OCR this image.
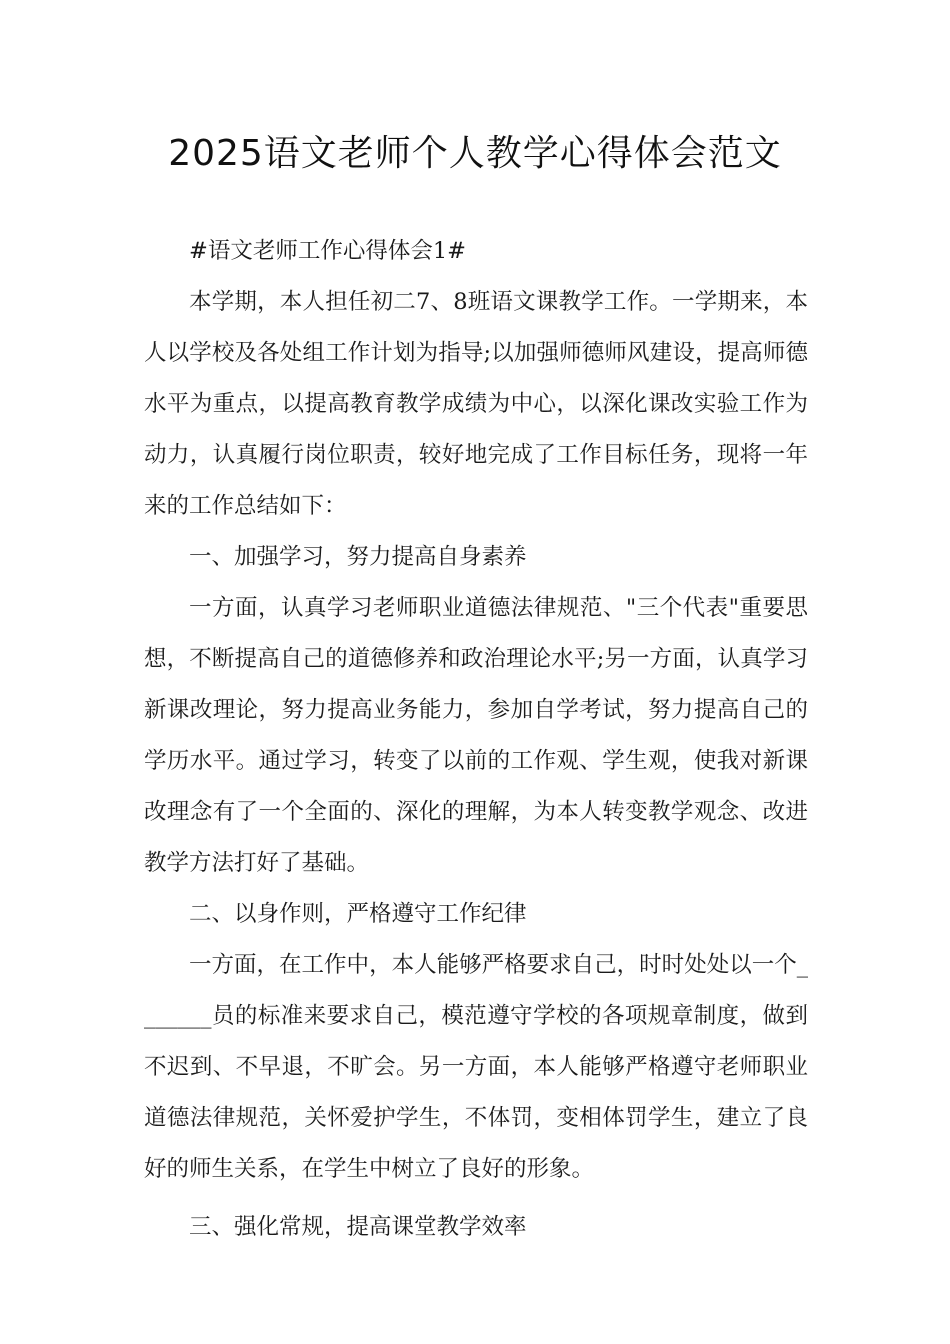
2025语文老师个人教学心得体会范文

#语文老师工作心得体会1#

本学期，本人担任初二7、8班语文课教学工作。一学期来，本人以学校及各处组工作计划为指导;以加强师德师风建设，提高师德水平为重点，以提高教育教学成绩为中心，以深化课改实验工作为动力，认真履行岗位职责，较好地完成了工作目标任务，现将一年来的工作总结如下：

一、加强学习，努力提高自身素养

一方面，认真学习老师职业道德法律规范、"三个代表"重要思想，不断提高自己的道德修养和政治理论水平;另一方面，认真学习新课改理论，努力提高业务能力，参加自学考试，努力提高自己的学历水平。通过学习，转变了以前的工作观、学生观，使我对新课改理念有了一个全面的、深化的理解，为本人转变教学观念、改进教学方法打好了基础。

二、以身作则，严格遵守工作纪律

一方面，在工作中，本人能够严格要求自己，时时处处以一个_______员的标准来要求自己，模范遵守学校的各项规章制度，做到不迟到、不早退，不旷会。另一方面，本人能够严格遵守老师职业道德法律规范，关怀爱护学生，不体罚，变相体罚学生，建立了良好的师生关系，在学生中树立了良好的形象。

三、强化常规，提高课堂教学效率
